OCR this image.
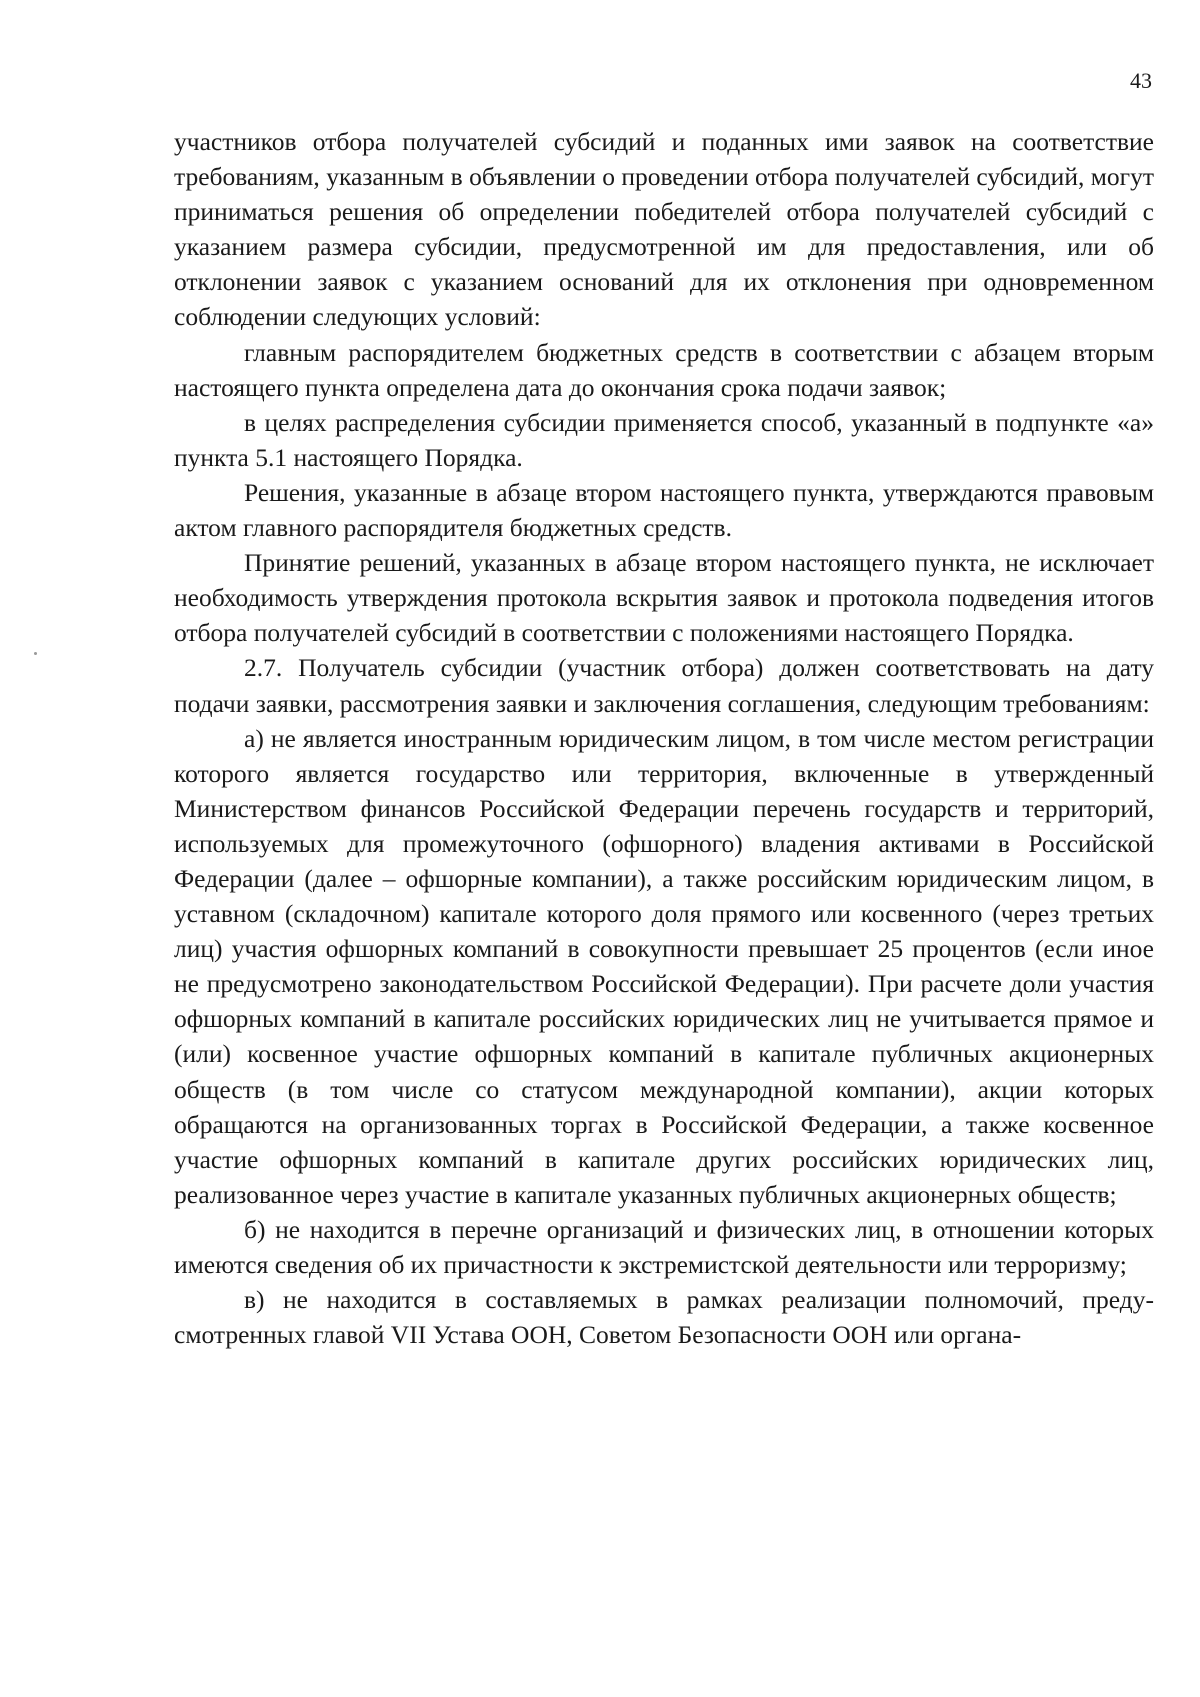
43

участников отбора получателей субсидий и поданных ими заявок на соответствие требованиям, указанным в объявлении о проведении отбора получателей субсидий, могут приниматься решения об определении победителей отбора получателей субсидий с указанием размера субсидии, предусмотренной им для предоставления, или об отклонении заявок с указанием оснований для их отклонения при одновременном соблюдении следующих условий:

главным распорядителем бюджетных средств в соответствии с абзацем вторым настоящего пункта определена дата до окончания срока подачи заявок;

в целях распределения субсидии применяется способ, указанный в подпункте «а» пункта 5.1 настоящего Порядка.

Решения, указанные в абзаце втором настоящего пункта, утверждаются правовым актом главного распорядителя бюджетных средств.

Принятие решений, указанных в абзаце втором настоящего пункта, не исключает необходимость утверждения протокола вскрытия заявок и протокола подведения итогов отбора получателей субсидий в соответствии с положениями настоящего Порядка.

2.7. Получатель субсидии (участник отбора) должен соответствовать на дату подачи заявки, рассмотрения заявки и заключения соглашения, следующим требованиям:

а) не является иностранным юридическим лицом, в том числе местом регистрации которого является государство или территория, включенные в утвержденный Министерством финансов Российской Федерации перечень государств и территорий, используемых для промежуточного (офшорного) владения активами в Российской Федерации (далее – офшорные компании), а также российским юридическим лицом, в уставном (складочном) капитале которого доля прямого или косвенного (через третьих лиц) участия офшорных компаний в совокупности превышает 25 процентов (если иное не предусмотрено законодательством Российской Федерации). При расчете доли участия офшорных компаний в капитале российских юридических лиц не учитывается прямое и (или) косвенное участие офшорных компаний в капитале публичных акционерных обществ (в том числе со статусом международной компании), акции которых обращаются на организованных торгах в Российской Федерации, а также косвенное участие офшорных компаний в капитале других российских юридических лиц, реализованное через участие в капитале указанных публичных акционерных обществ;

б) не находится в перечне организаций и физических лиц, в отношении которых имеются сведения об их причастности к экстремистской деятельности или терроризму;

в) не находится в составляемых в рамках реализации полномочий, предусмотренных главой VII Устава ООН, Советом Безопасности ООН или органа-
